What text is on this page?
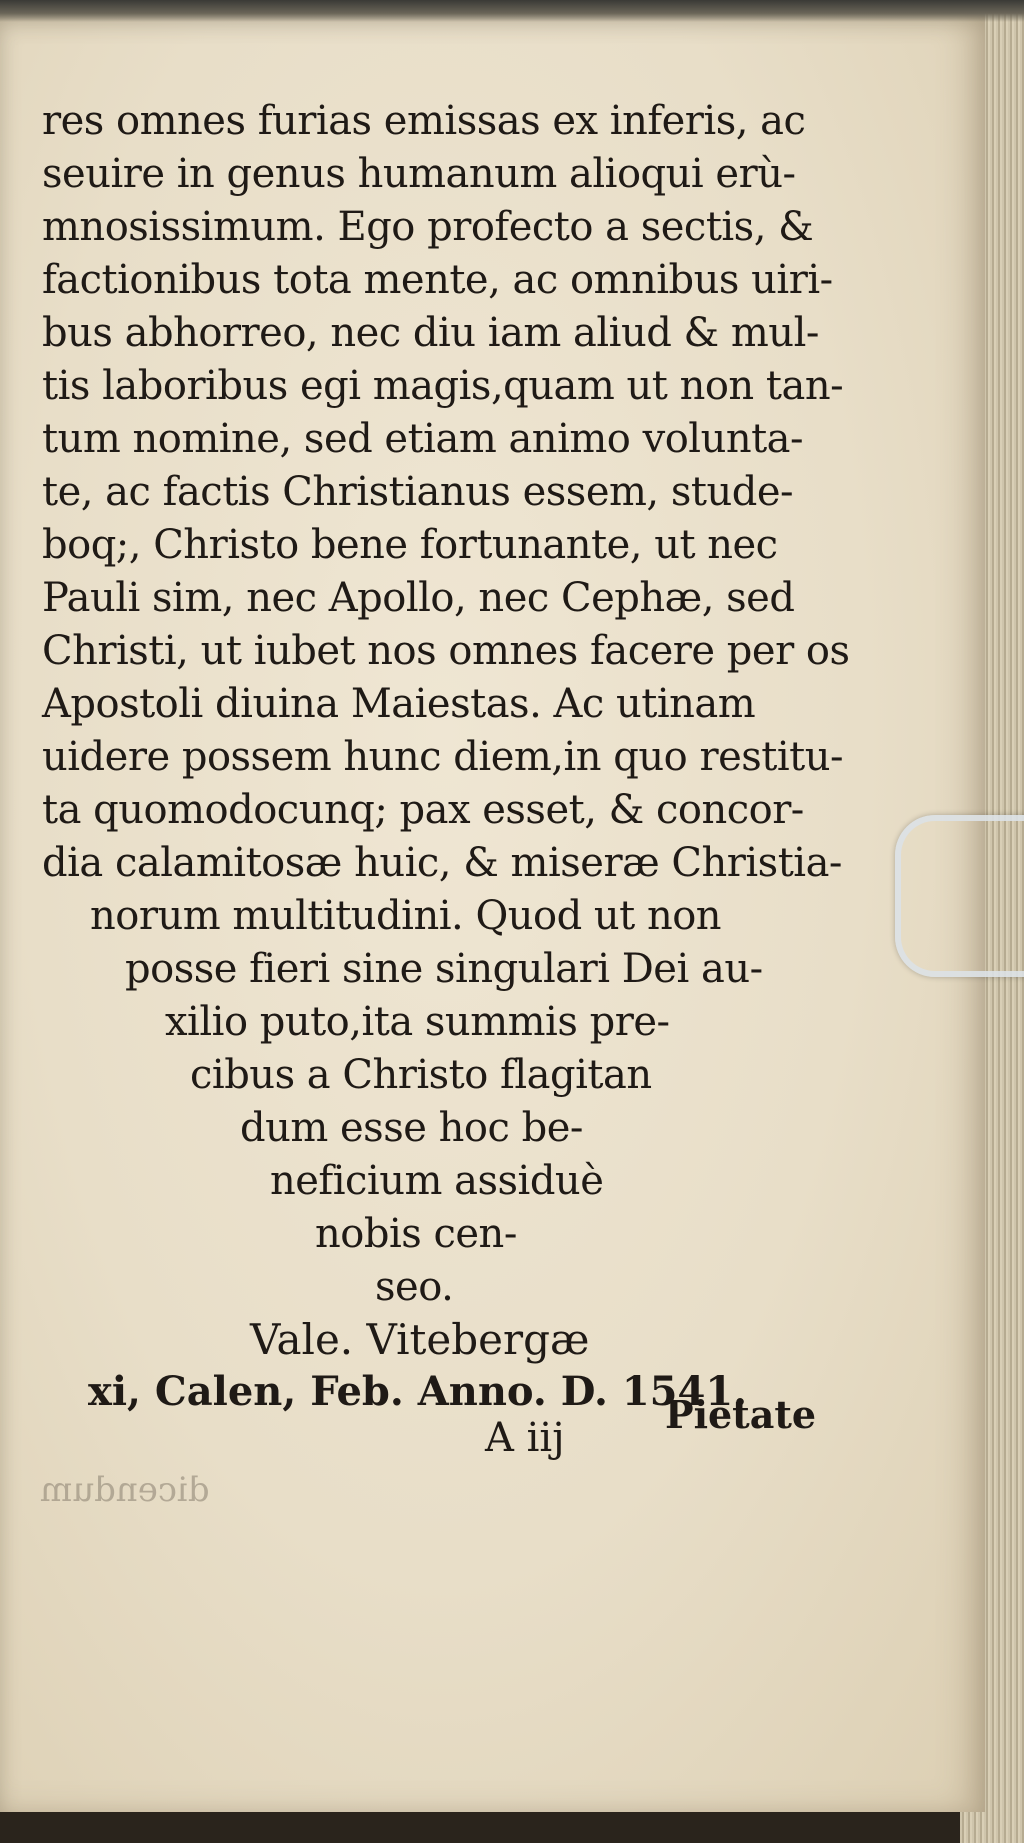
res omnes furias emissas ex inferis, ac
seuire in genus humanum alioqui erù-
mnosissimum. Ego profecto a sectis, &
factionibus tota mente, ac omnibus uiri-
bus abhorreo, nec diu iam aliud & mul-
tis laboribus egi magis,quam ut non tan-
tum nomine, sed etiam animo volunta-
te, ac factis Christianus essem, stude-
boq;, Christo bene fortunante, ut nec
Pauli sim, nec Apollo, nec Cephæ, sed
Christi, ut iubet nos omnes facere per os
Apostoli diuina Maiestas. Ac utinam
uidere possem hunc diem,in quo restitu-
ta quomodocunq; pax esset, & concor-
dia calamitosæ huic, & miseræ Christia-
norum multitudini. Quod ut non
posse fieri sine singulari Dei au-
xilio puto,ita summis pre-
cibus a Christo flagitan
dum esse hoc be-
neficium assiduè
nobis cen-
seo.
Vale. Vitebergæ
xi, Calen, Feb. Anno. D. 1541.
A iij
Pietate
dicendum
